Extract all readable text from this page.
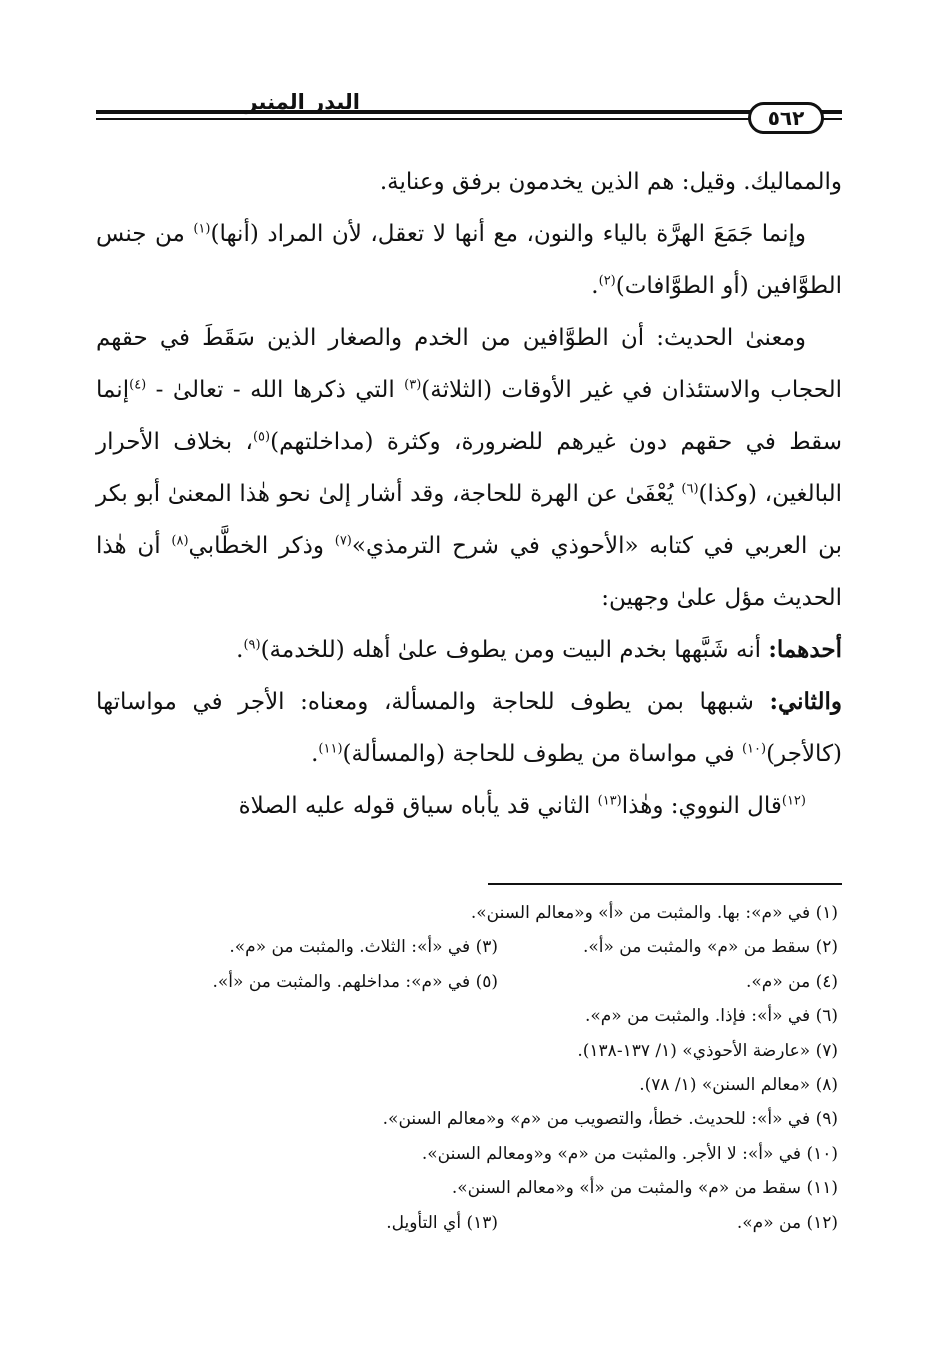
البدر المنير
٥٦٢

والمماليك. وقيل: هم الذين يخدمون برفق وعناية.

وإنما جَمَعَ الهرَّة بالياء والنون، مع أنها لا تعقل، لأن المراد (أنها)$^{(١)}$ من جنس الطوَّافين (أو الطوَّافات)$^{(٢)}$.

ومعنىٰ الحديث: أن الطوَّافين من الخدم والصغار الذين سَقَطَ في حقهم الحجاب والاستئذان في غير الأوقات (الثلاثة)$^{(٣)}$ التي ذكرها الله - تعالىٰ - $^{(٤)}$إنما سقط في حقهم دون غيرهم للضرورة، وكثرة (مداخلتهم)$^{(٥)}$، بخلاف الأحرار البالغين، (وكذا)$^{(٦)}$ يُعْفَىٰ عن الهرة للحاجة، وقد أشار إلىٰ نحو هٰذا المعنىٰ أبو بكر بن العربي في كتابه «الأحوذي في شرح الترمذي»$^{(٧)}$ وذكر الخطَّابي$^{(٨)}$ أن هٰذا الحديث مؤل علىٰ وجهين:

أحدهما: أنه شَبَّهها بخدم البيت ومن يطوف علىٰ أهله (للخدمة)$^{(٩)}$.

والثاني: شبهها بمن يطوف للحاجة والمسألة، ومعناه: الأجر في مواساتها (كالأجر)$^{(١٠)}$ في مواساة من يطوف للحاجة (والمسألة)$^{(١١)}$.

$^{(١٢)}$قال النووي: وهٰذا$^{(١٣)}$ الثاني قد يأباه سياق قوله عليه الصلاة

(١) في «م»: بها. والمثبت من «أ» و«معالم السنن».
(٢) سقط من «م» والمثبت من «أ».
(٣) في «أ»: الثلاث. والمثبت من «م».
(٤) من «م».
(٥) في «م»: مداخلهم. والمثبت من «أ».
(٦) في «أ»: فإذا. والمثبت من «م».
(٧) «عارضة الأحوذي» (١/ ١٣٧-١٣٨).
(٨) «معالم السنن» (١/ ٧٨).
(٩) في «أ»: للحديث. خطأ، والتصويب من «م» و«معالم السنن».
(١٠) في «أ»: لا الأجر. والمثبت من «م» و«ومعالم السنن».
(١١) سقط من «م» والمثبت من «أ» و«معالم السنن».
(١٢) من «م».
(١٣) أي التأويل.
